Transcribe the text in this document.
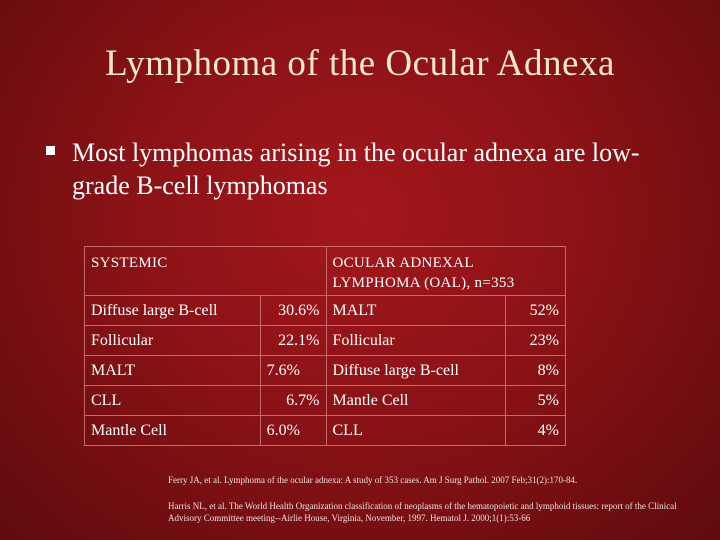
Lymphoma of the Ocular Adnexa
Most lymphomas arising in the ocular adnexa are low-grade B-cell lymphomas
SYSTEMIC		OCULAR ADNEXAL LYMPHOMA (OAL), n=353	
Diffuse large B-cell	30.6%	MALT	52%
Follicular	22.1%	Follicular	23%
MALT	7.6%	Diffuse large B-cell	8%
CLL	6.7%	Mantle Cell	5%
Mantle Cell	6.0%	CLL	4%

Ferry JA, et al. Lymphoma of the ocular adnexa: A study of 353 cases. Am J Surg Pathol. 2007 Feb;31(2):170-84.

Harris NL, et al. The World Health Organization classification of neoplasms of the hematopoietic and lymphoid tissues: report of the Clinical Advisory Committee meeting--Airlie House, Virginia, November, 1997. Hematol J. 2000;1(1):53-66
